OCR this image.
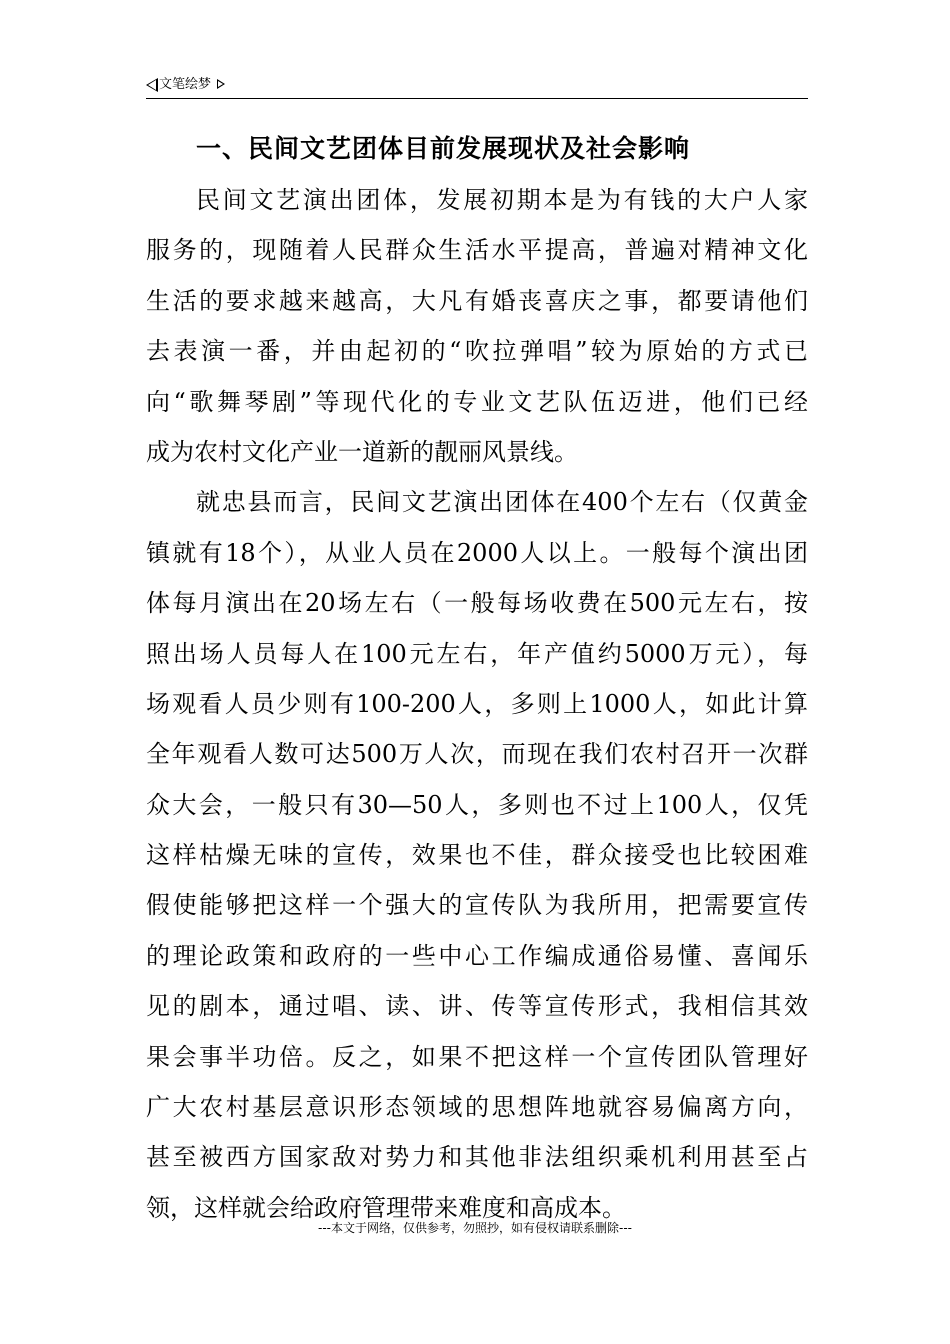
文笔绘梦
一、民间文艺团体目前发展现状及社会影响
民间文艺演出团体，发展初期本是为有钱的大户人家
服务的，现随着人民群众生活水平提高，普遍对精神文化
生活的要求越来越高，大凡有婚丧喜庆之事，都要请他们
去表演一番，并由起初的“吹拉弹唱”较为原始的方式已
向“歌舞琴剧”等现代化的专业文艺队伍迈进，他们已经
成为农村文化产业一道新的靓丽风景线。
就忠县而言，民间文艺演出团体在400个左右（仅黄金
镇就有18个），从业人员在2000人以上。一般每个演出团
体每月演出在20场左右（一般每场收费在500元左右，按
照出场人员每人在100元左右，年产值约5000万元），每
场观看人员少则有100-200人，多则上1000人，如此计算
全年观看人数可达500万人次，而现在我们农村召开一次群
众大会，一般只有30—50人，多则也不过上100人，仅凭
这样枯燥无味的宣传，效果也不佳，群众接受也比较困难
假使能够把这样一个强大的宣传队为我所用，把需要宣传
的理论政策和政府的一些中心工作编成通俗易懂、喜闻乐
见的剧本，通过唱、读、讲、传等宣传形式，我相信其效
果会事半功倍。反之，如果不把这样一个宣传团队管理好
广大农村基层意识形态领域的思想阵地就容易偏离方向，
甚至被西方国家敌对势力和其他非法组织乘机利用甚至占
领，这样就会给政府管理带来难度和高成本。
---本文于网络，仅供参考，勿照抄，如有侵权请联系删除---
